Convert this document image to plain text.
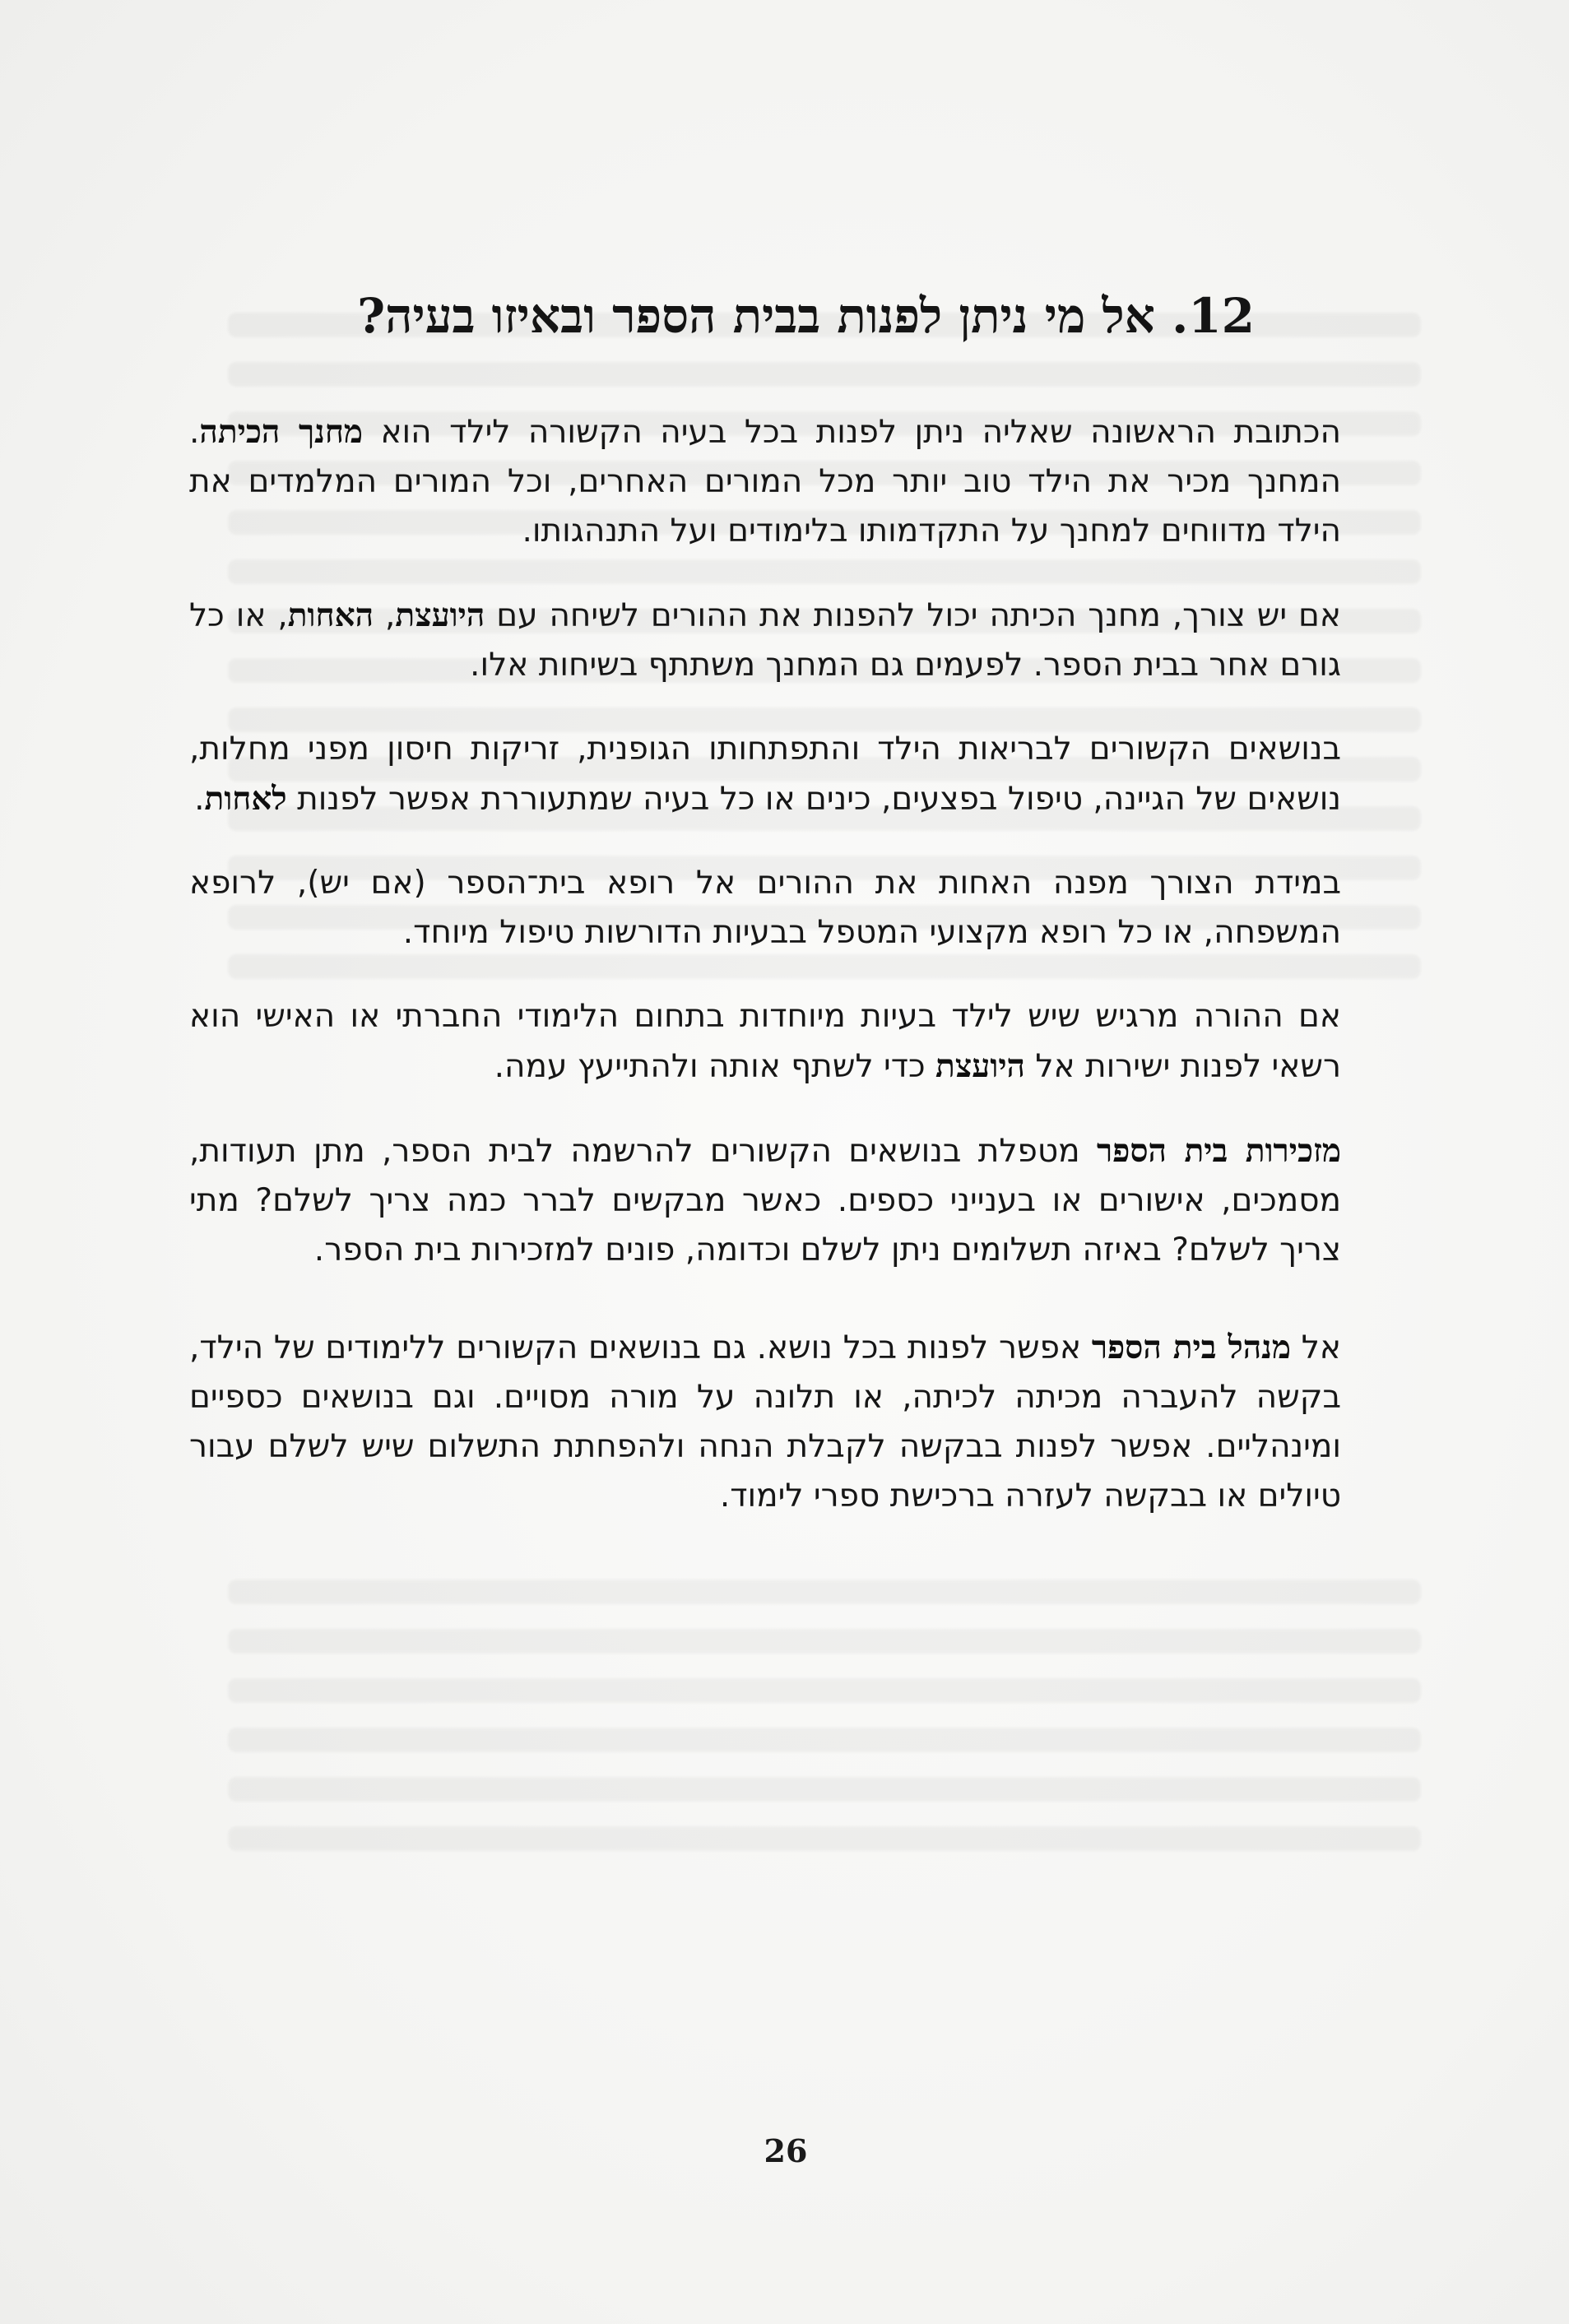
12. אל מי ניתן לפנות בבית הספר ובאיזו בעיה?

הכתובת הראשונה שאליה ניתן לפנות בכל בעיה הקשורה לילד הוא מחנך הכיתה. המחנך מכיר את הילד טוב יותר מכל המורים האחרים, וכל המורים המלמדים את הילד מדווחים למחנך על התקדמותו בלימודים ועל התנהגותו.

אם יש צורך, מחנך הכיתה יכול להפנות את ההורים לשיחה עם היועצת, האחות, או כל גורם אחר בבית הספר. לפעמים גם המחנך משתתף בשיחות אלו.

בנושאים הקשורים לבריאות הילד והתפתחותו הגופנית, זריקות חיסון מפני מחלות, נושאים של הגיינה, טיפול בפצעים, כינים או כל בעיה שמתעוררת אפשר לפנות לאחות.

במידת הצורך מפנה האחות את ההורים אל רופא בית־הספר (אם יש), לרופא המשפחה, או כל רופא מקצועי המטפל בבעיות הדורשות טיפול מיוחד.

אם ההורה מרגיש שיש לילד בעיות מיוחדות בתחום הלימודי החברתי או האישי הוא רשאי לפנות ישירות אל היועצת כדי לשתף אותה ולהתייעץ עמה.

מזכירות בית הספר מטפלת בנושאים הקשורים להרשמה לבית הספר, מתן תעודות, מסמכים, אישורים או בענייני כספים. כאשר מבקשים לברר כמה צריך לשלם? מתי צריך לשלם? באיזה תשלומים ניתן לשלם וכדומה, פונים למזכירות בית הספר.

אל מנהל בית הספר אפשר לפנות בכל נושא. גם בנושאים הקשורים ללימודים של הילד, בקשה להעברה מכיתה לכיתה, או תלונה על מורה מסויים. וגם בנושאים כספיים ומינהליים. אפשר לפנות בבקשה לקבלת הנחה ולהפחתת התשלום שיש לשלם עבור טיולים או בבקשה לעזרה ברכישת ספרי לימוד.

26
